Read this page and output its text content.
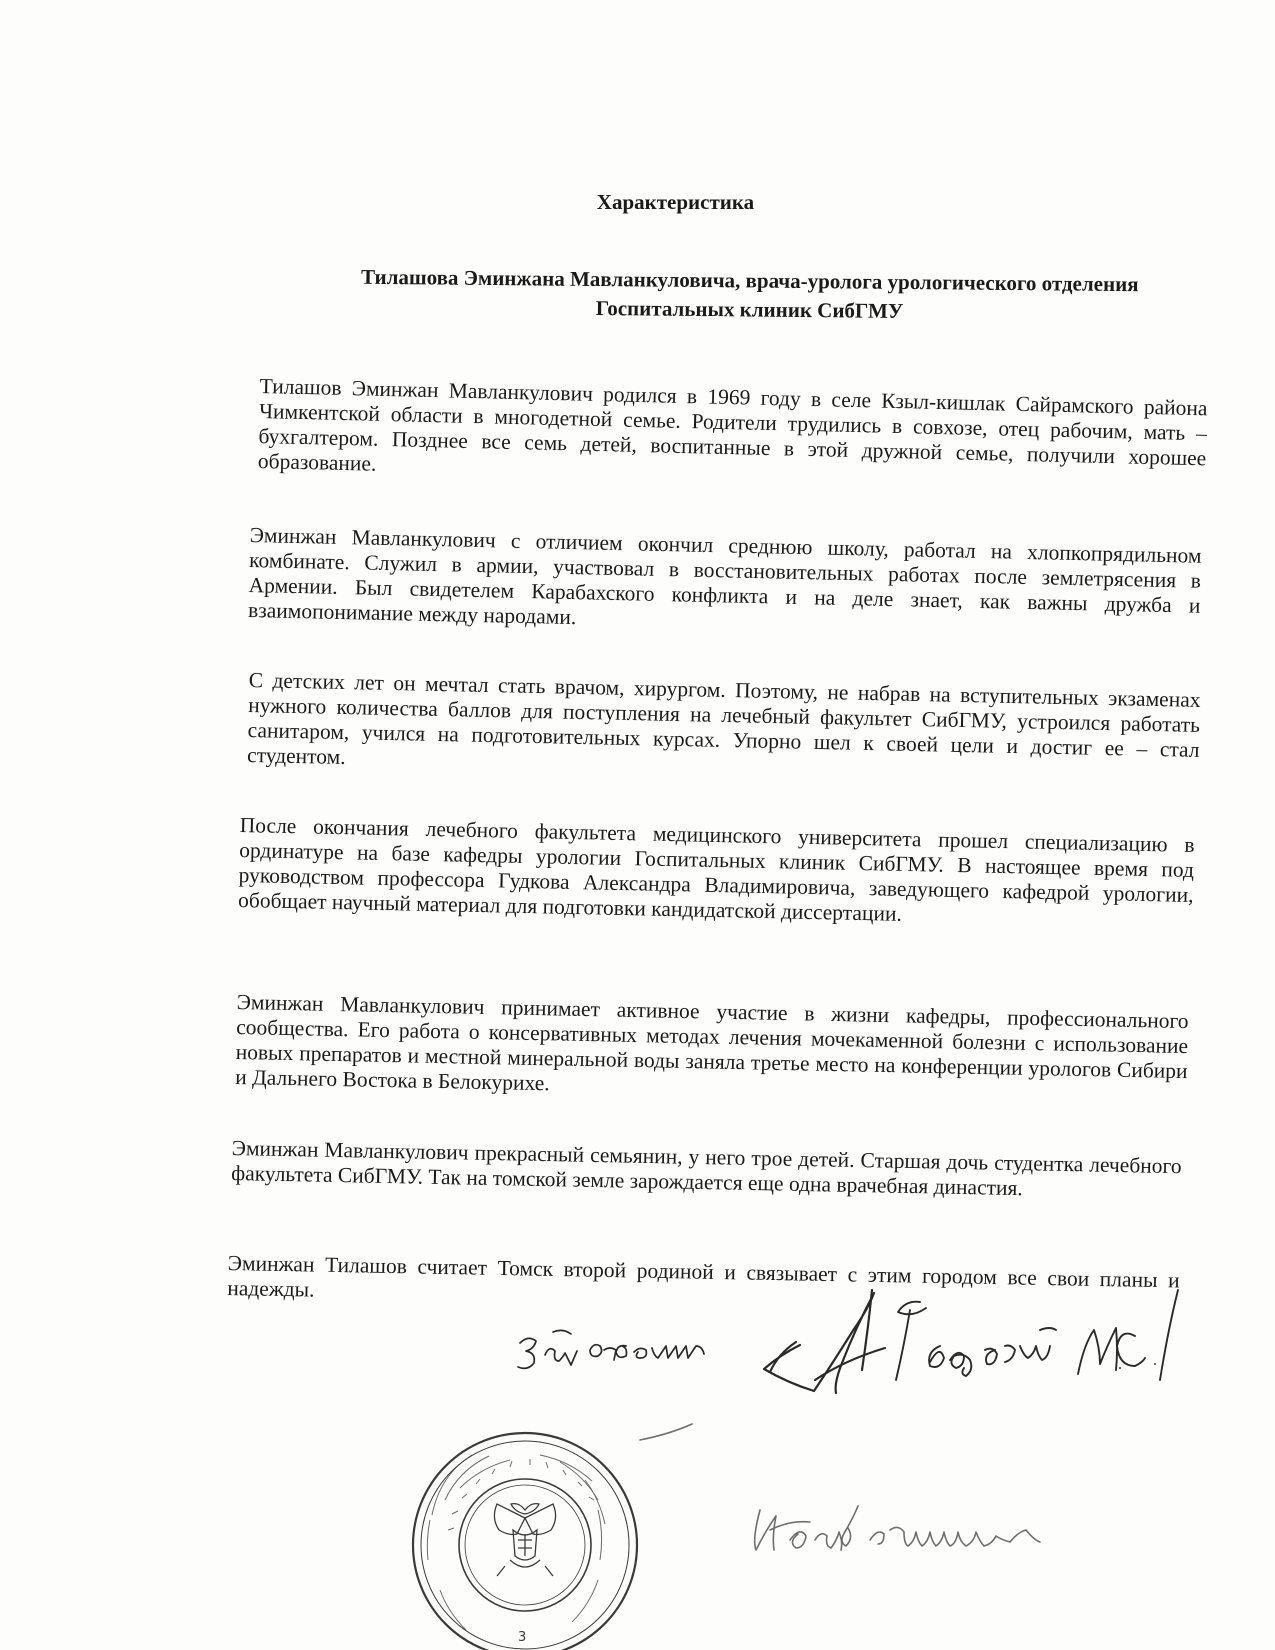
Характеристика
Тилашова Эминжана Мавланкуловича, врача-уролога урологического отделения
Госпитальных клиник СибГМУ

Тилашов Эминжан Мавланкулович родился в 1969 году в селе Кзыл-кишлак Сайрамского района Чимкентской области в многодетной семье. Родители трудились в совхозе, отец рабочим, мать – бухгалтером. Позднее все семь детей, воспитанные в этой дружной семье, получили хорошее образование.

Эминжан Мавланкулович с отличием окончил среднюю школу, работал на хлопкопрядильном комбинате. Служил в армии, участвовал в восстановительных работах после землетрясения в Армении. Был свидетелем Карабахского конфликта и на деле знает, как важны дружба и взаимопонимание между народами.

С детских лет он мечтал стать врачом, хирургом. Поэтому, не набрав на вступительных экзаменах нужного количества баллов для поступления на лечебный факультет СибГМУ, устроился работать санитаром, учился на подготовительных курсах. Упорно шел к своей цели и достиг ее – стал студентом.

После окончания лечебного факультета медицинского университета прошел специализацию в ординатуре на базе кафедры урологии Госпитальных клиник СибГМУ. В настоящее время под руководством профессора Гудкова Александра Владимировича, заведующего кафедрой урологии, обобщает научный материал для подготовки кандидатской диссертации.

Эминжан Мавланкулович принимает активное участие в жизни кафедры, профессионального сообщества. Его работа о консервативных методах лечения мочекаменной болезни с использование новых препаратов и местной минеральной воды заняла третье место на конференции урологов Сибири и Дальнего Востока в Белокурихе.

Эминжан Мавланкулович прекрасный семьянин, у него трое детей. Старшая дочь студентка лечебного факультета СибГМУ. Так на томской земле зарождается еще одна врачебная династия.

Эминжан Тилашов считает Томск второй родиной и связывает с этим городом все свои планы и надежды.

3
